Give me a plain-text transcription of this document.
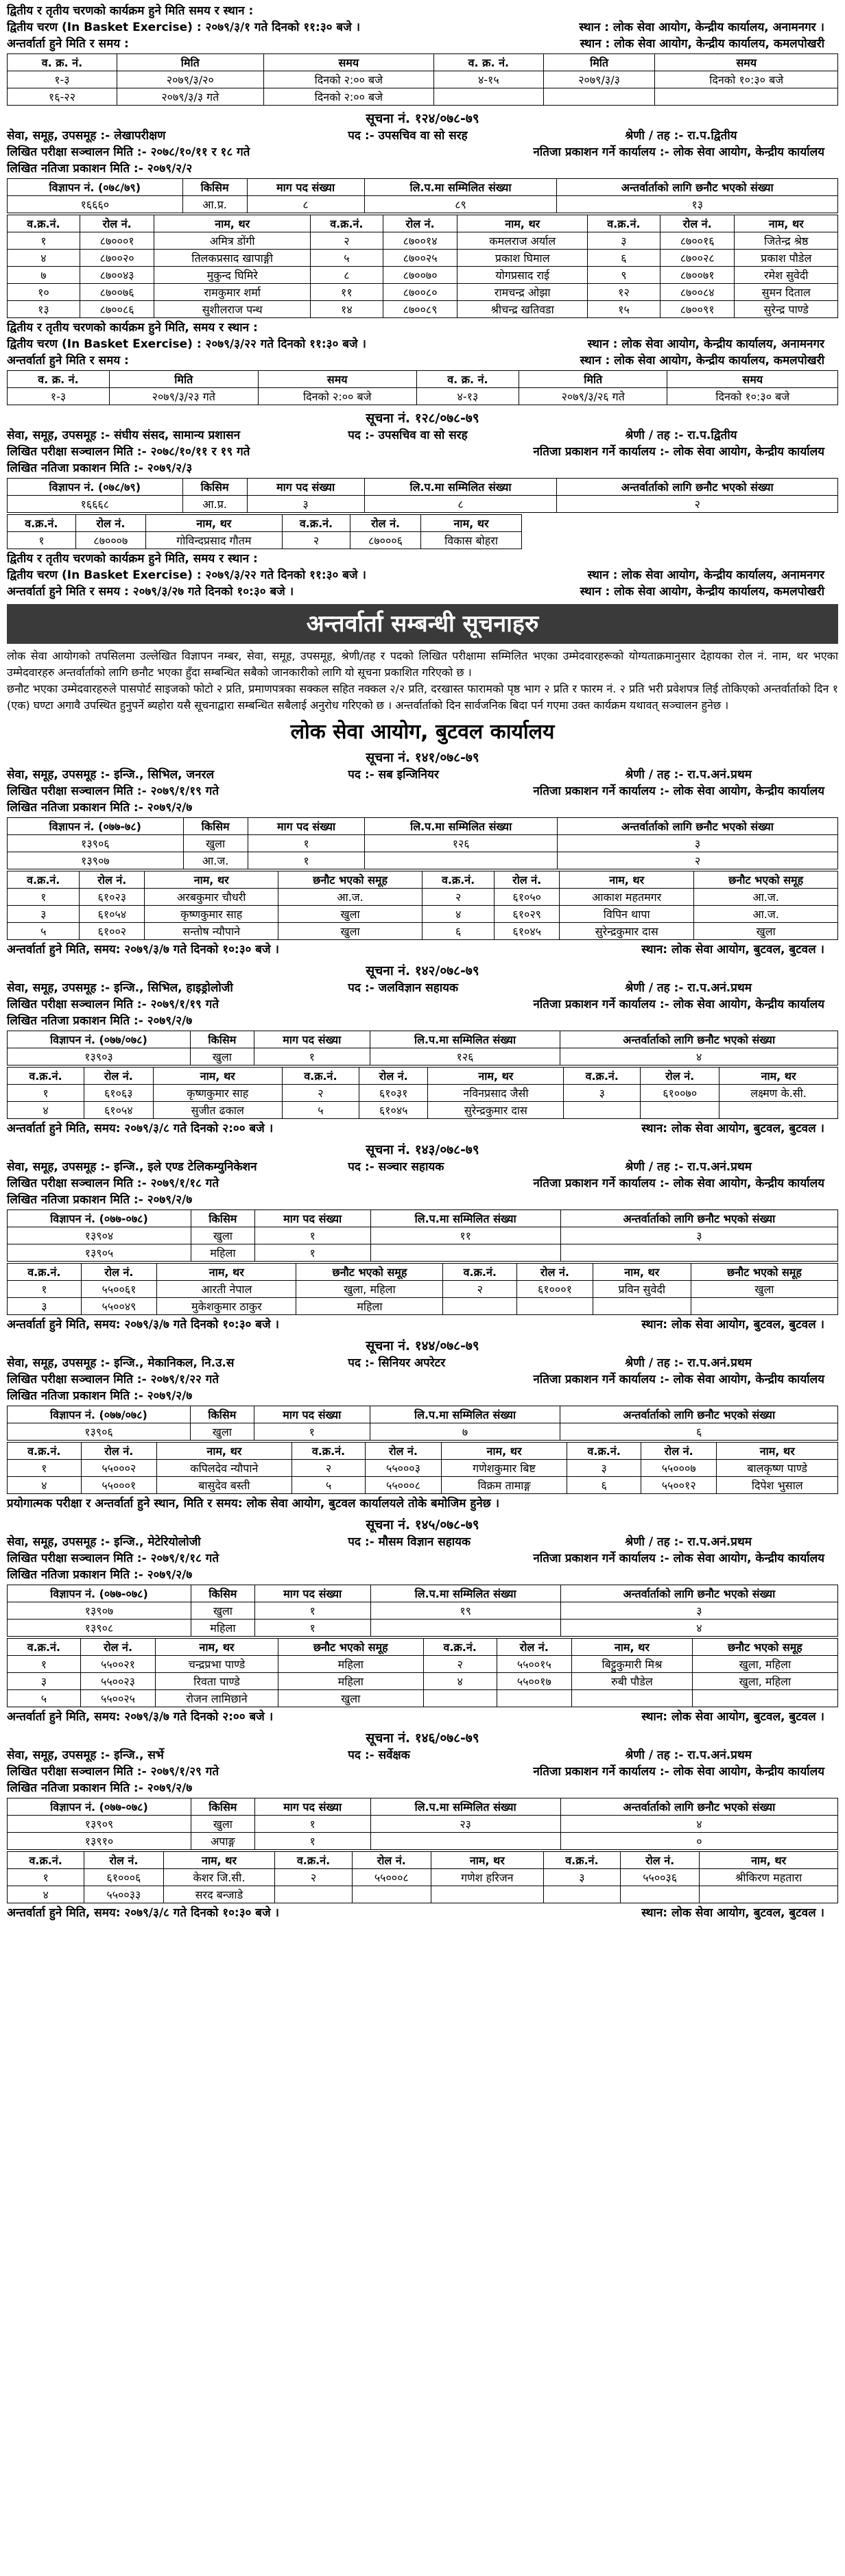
द्वितीय र तृतीय चरणको कार्यक्रम हुने मिति समय र स्थान :
द्वितीय चरण (In Basket Exercise) : २०७९/३/१ गते दिनको ११:३० बजे ।	स्थान : लोक सेवा आयोग, केन्द्रीय कार्यालय, अनामनगर ।
अन्तर्वार्ता हुने मिति र समय :	स्थान : लोक सेवा आयोग, केन्द्रीय कार्यालय, कमलपोखरी
व. क्र. नं.	मिति	समय	व. क्र. नं.	मिति	समय
१-३	२०७९/३/२०	दिनको २:०० बजे	४-१५	२०७९/३/३	दिनको १०:३० बजे
१६-२२	२०७९/३/३ गते	दिनको २:०० बजे			
सूचना नं. १२४/०७८-७९
सेवा, समूह, उपसमूह :- लेखापरीक्षण	पद :- उपसचिव वा सो सरह	श्रेणी / तह :- रा.प.द्वितीय
लिखित परीक्षा सञ्चालन मिति :- २०७८/१०/११ र १८ गते	नतिजा प्रकाशन गर्ने कार्यालय :- लोक सेवा आयोग, केन्द्रीय कार्यालय
लिखित नतिजा प्रकाशन मिति :- २०७९/२/२
विज्ञापन नं. (०७८/७९)	किसिम	माग पद संख्या	लि.प.मा सम्मिलित संख्या	अन्तर्वार्ताको लागि छनौट भएको संख्या
१६६६०	आ.प्र.	८	८९	१३
व.क्र.नं.	रोल नं.	नाम, थर	व.क्र.नं.	रोल नं.	नाम, थर	व.क्र.नं.	रोल नं.	नाम, थर
१	८७०००१	अमित्र डोंगी	२	८७००१४	कमलराज अर्याल	३	८७००१६	जितेन्द्र श्रेष्ठ
४	८७००२०	तिलकप्रसाद खापाङ्गी	५	८७००२५	प्रकाश घिमाल	६	८७००२८	प्रकाश पौडेल
७	८७००४३	मुकुन्द घिमिरे	८	८७००७०	योगप्रसाद राई	९	८७००७१	रमेश सुवेदी
१०	८७००७६	रामकुमार शर्मा	११	८७००८०	रामचन्द्र ओझा	१२	८७००८४	सुमन दिताल
१३	८७००८६	सुशीलराज पन्थ	१४	८७००८९	श्रीचन्द्र खतिवडा	१५	८७००९१	सुरेन्द्र पाण्डे
द्वितीय र तृतीय चरणको कार्यक्रम हुने मिति, समय र स्थान :
द्वितीय चरण (In Basket Exercise) : २०७९/३/२२ गते दिनको ११:३० बजे ।	स्थान : लोक सेवा आयोग, केन्द्रीय कार्यालय, अनामनगर
अन्तर्वार्ता हुने मिति र समय :	स्थान : लोक सेवा आयोग, केन्द्रीय कार्यालय, कमलपोखरी
व. क्र. नं.	मिति	समय	व. क्र. नं.	मिति	समय
१-३	२०७९/३/२३ गते	दिनको २:०० बजे	४-१३	२०७९/३/२६ गते	दिनको १०:३० बजे
सूचना नं. १२८/०७८-७९
सेवा, समूह, उपसमूह :- संघीय संसद, सामान्य प्रशासन	पद :- उपसचिव वा सो सरह	श्रेणी / तह :- रा.प.द्वितीय
लिखित परीक्षा सञ्चालन मिति :- २०७८/१०/११ र १९ गते	नतिजा प्रकाशन गर्ने कार्यालय :- लोक सेवा आयोग, केन्द्रीय कार्यालय
लिखित नतिजा प्रकाशन मिति :- २०७९/२/३
विज्ञापन नं. (०७८/७९)	किसिम	माग पद संख्या	लि.प.मा सम्मिलित संख्या	अन्तर्वार्ताको लागि छनौट भएको संख्या
१६६६८	आ.प्र.	३	८	२
व.क्र.नं.	रोल नं.	नाम, थर	व.क्र.नं.	रोल नं.	नाम, थर
१	८७०००७	गोविन्दप्रसाद गौतम	२	८७०००६	विकास बोहरा
द्वितीय र तृतीय चरणको कार्यक्रम हुने मिति, समय र स्थान :
द्वितीय चरण (In Basket Exercise) : २०७९/३/२२ गते दिनको ११:३० बजे ।	स्थान : लोक सेवा आयोग, केन्द्रीय कार्यालय, अनामनगर
अन्तर्वार्ता हुने मिति र समय : २०७९/३/२७ गते दिनको १०:३० बजे ।	स्थान : लोक सेवा आयोग, केन्द्रीय कार्यालय, कमलपोखरी
अन्तर्वार्ता सम्बन्धी सूचनाहरु
लोक सेवा आयोगको तपसिलमा उल्लेखित विज्ञापन नम्बर, सेवा, समूह, उपसमूह, श्रेणी/तह र पदको लिखित परीक्षामा सम्मिलित भएका उम्मेदवारहरूको योग्यताक्रमानुसार देहायका रोल नं. नाम, थर भएका उम्मेदवारहरु अन्तर्वार्ताको लागि छनौट भएका हुँदा सम्बन्धित सबैको जानकारीको लागि यो सूचना प्रकाशित गरिएको छ ।
छनौट भएका उम्मेदवारहरुले पासपोर्ट साइजको फोटो २ प्रति, प्रमाणपत्रका सक्कल सहित नक्कल २/२ प्रति, दरखास्त फारामको पृष्ठ भाग २ प्रति र फारम नं. २ प्रति भरी प्रवेशपत्र लिई तोकिएको अन्तर्वार्ताको दिन १ (एक) घण्टा अगावै उपस्थित हुनुपर्ने ब्यहोरा यसै सूचनाद्वारा सम्बन्धित सबैलाई अनुरोध गरिएको छ । अन्तर्वार्ताको दिन सार्वजनिक बिदा पर्न गएमा उक्त कार्यक्रम यथावत् सञ्चालन हुनेछ ।
लोक सेवा आयोग, बुटवल कार्यालय
सूचना नं. १४१/०७८-७९
सेवा, समूह, उपसमूह :- इन्जि., सिभिल, जनरल	पद :- सब इन्जिनियर	श्रेणी / तह :- रा.प.अनं.प्रथम
लिखित परीक्षा सञ्चालन मिति :- २०७९/१/१९ गते	नतिजा प्रकाशन गर्ने कार्यालय :- लोक सेवा आयोग, केन्द्रीय कार्यालय
लिखित नतिजा प्रकाशन मिति :- २०७९/२/७
विज्ञापन नं. (०७७-७८)	किसिम	माग पद संख्या	लि.प.मा सम्मिलित संख्या	अन्तर्वार्ताको लागि छनौट भएको संख्या
१३९०६	खुला	१	१२६	३
१३९०७	आ.ज.	१		२
व.क्र.नं.	रोल नं.	नाम, थर	छनौट भएको समूह	व.क्र.नं.	रोल नं.	नाम, थर	छनौट भएको समूह
१	६१०२३	अरबकुमार चौधरी	आ.ज.	२	६१०५०	आकाश महतमगर	आ.ज.
३	६१०५४	कृष्णकुमार साह	खुला	४	६१०२९	विपिन थापा	आ.ज.
५	६१००२	सन्तोष न्यौपाने	खुला	६	६१०४५	सुरेन्द्रकुमार दास	खुला
अन्तर्वार्ता हुने मिति, समय: २०७९/३/७ गते दिनको १०:३० बजे ।	स्थान: लोक सेवा आयोग, बुटवल, बुटवल ।
सूचना नं. १४२/०७८-७९
सेवा, समूह, उपसमूह :- इन्जि., सिभिल, हाइड्रोलोजी	पद :- जलविज्ञान सहायक	श्रेणी / तह :- रा.प.अनं.प्रथम
लिखित परीक्षा सञ्चालन मिति :- २०७९/१/१९ गते	नतिजा प्रकाशन गर्ने कार्यालय :- लोक सेवा आयोग, केन्द्रीय कार्यालय
लिखित नतिजा प्रकाशन मिति :- २०७९/२/७
विज्ञापन नं. (०७७/०७८)	किसिम	माग पद संख्या	लि.प.मा सम्मिलित संख्या	अन्तर्वार्ताको लागि छनौट भएको संख्या
१३९०३	खुला	१	१२६	४
व.क्र.नं.	रोल नं.	नाम, थर	व.क्र.नं.	रोल नं.	नाम, थर	व.क्र.नं.	रोल नं.	नाम, थर
१	६१०६३	कृष्णकुमार साह	२	६१०३१	नविनप्रसाद जैसी	३	६१००७०	लक्ष्मण के.सी.
४	६१०५४	सुजीत ढकाल	५	६१०४५	सुरेन्द्रकुमार दास			
अन्तर्वार्ता हुने मिति, समय: २०७९/३/८ गते दिनको २:०० बजे ।	स्थान: लोक सेवा आयोग, बुटवल, बुटवल ।
सूचना नं. १४३/०७८-७९
सेवा, समूह, उपसमूह :- इन्जि., इले एण्ड टेलिकम्युनिकेशन	पद :- सञ्चार सहायक	श्रेणी / तह :- रा.प.अनं.प्रथम
लिखित परीक्षा सञ्चालन मिति :- २०७९/१/१८ गते	नतिजा प्रकाशन गर्ने कार्यालय :- लोक सेवा आयोग, केन्द्रीय कार्यालय
लिखित नतिजा प्रकाशन मिति :- २०७९/२/७
विज्ञापन नं. (०७७-०७८)	किसिम	माग पद संख्या	लि.प.मा सम्मिलित संख्या	अन्तर्वार्ताको लागि छनौट भएको संख्या
१३९०४	खुला	१	११	३
१३९०५	महिला	१		
व.क्र.नं.	रोल नं.	नाम, थर	छनौट भएको समूह	व.क्र.नं.	रोल नं.	नाम, थर	छनौट भएको समूह
१	५५००६१	आरती नेपाल	खुला, महिला	२	६१०००१	प्रविन सुवेदी	खुला
३	५५००४९	मुकेशकुमार ठाकुर	महिला				
अन्तर्वार्ता हुने मिति, समय: २०७९/३/७ गते दिनको १०:३० बजे ।	स्थान: लोक सेवा आयोग, बुटवल, बुटवल ।
सूचना नं. १४४/०७८-७९
सेवा, समूह, उपसमूह :- इन्जि., मेकानिकल, नि.उ.स	पद :- सिनियर अपरेटर	श्रेणी / तह :- रा.प.अनं.प्रथम
लिखित परीक्षा सञ्चालन मिति :- २०७९/१/२२ गते	नतिजा प्रकाशन गर्ने कार्यालय :- लोक सेवा आयोग, केन्द्रीय कार्यालय
लिखित नतिजा प्रकाशन मिति :- २०७९/२/७
विज्ञापन नं. (०७७/०७८)	किसिम	माग पद संख्या	लि.प.मा सम्मिलित संख्या	अन्तर्वार्ताको लागि छनौट भएको संख्या
१३९०६	खुला	१	७	६
व.क्र.नं.	रोल नं.	नाम, थर	व.क्र.नं.	रोल नं.	नाम, थर	व.क्र.नं.	रोल नं.	नाम, थर
१	५५०००२	कपिलदेव न्यौपाने	२	५५०००३	गणेशकुमार बिष्ट	३	५५०००७	बालकृष्ण पाण्डे
४	५५०००१	बासुदेव बस्ती	५	५५०००८	विक्रम तामाङ्ग	६	५५००१२	दिपेश भुसाल
प्रयोगात्मक परीक्षा र अन्तर्वार्ता हुने स्थान, मिति र समय: लोक सेवा आयोग, बुटवल कार्यालयले तोके बमोजिम हुनेछ ।
सूचना नं. १४५/०७८-७९
सेवा, समूह, उपसमूह :- इन्जि., मेटेरियोलोजी	पद :- मौसम विज्ञान सहायक	श्रेणी / तह :- रा.प.अनं.प्रथम
लिखित परीक्षा सञ्चालन मिति :- २०७९/१/१८ गते	नतिजा प्रकाशन गर्ने कार्यालय :- लोक सेवा आयोग, केन्द्रीय कार्यालय
लिखित नतिजा प्रकाशन मिति :- २०७९/२/७
विज्ञापन नं. (०७७-०७८)	किसिम	माग पद संख्या	लि.प.मा सम्मिलित संख्या	अन्तर्वार्ताको लागि छनौट भएको संख्या
१३९०७	खुला	१	१९	३
१३९०८	महिला	१		४
व.क्र.नं.	रोल नं.	नाम, थर	छनौट भएको समूह	व.क्र.नं.	रोल नं.	नाम, थर	छनौट भएको समूह
१	५५००२१	चन्द्रप्रभा पाण्डे	महिला	२	५५००१५	बिट्टुकुमारी मिश्र	खुला, महिला
३	५५००२३	रिवता पाण्डे	महिला	४	५५००१७	रुबी पौडेल	खुला, महिला
५	५५००२५	रोजन लामिछाने	खुला				
अन्तर्वार्ता हुने मिति, समय: २०७९/३/७ गते दिनको २:०० बजे ।	स्थान: लोक सेवा आयोग, बुटवल, बुटवल ।
सूचना नं. १४६/०७८-७९
सेवा, समूह, उपसमूह :- इन्जि., सर्भे	पद :- सर्वेक्षक	श्रेणी / तह :- रा.प.अनं.प्रथम
लिखित परीक्षा सञ्चालन मिति :- २०७९/१/२९ गते	नतिजा प्रकाशन गर्ने कार्यालय :- लोक सेवा आयोग, केन्द्रीय कार्यालय
लिखित नतिजा प्रकाशन मिति :- २०७९/२/७
विज्ञापन नं. (०७७-०७८)	किसिम	माग पद संख्या	लि.प.मा सम्मिलित संख्या	अन्तर्वार्ताको लागि छनौट भएको संख्या
१३९०९	खुला	१	२३	४
१३९१०	अपाङ्ग	१		०
व.क्र.नं.	रोल नं.	नाम, थर	व.क्र.नं.	रोल नं.	नाम, थर	व.क्र.नं.	रोल नं.	नाम, थर
१	६१०००६	केशर जि.सी.	२	५५०००८	गणेश हरिजन	३	५५००३६	श्रीकिरण महतारा
४	५५००३३	सरद बन्जाडे						
अन्तर्वार्ता हुने मिति, समय: २०७९/३/८ गते दिनको १०:३० बजे ।	स्थान: लोक सेवा आयोग, बुटवल, बुटवल ।
